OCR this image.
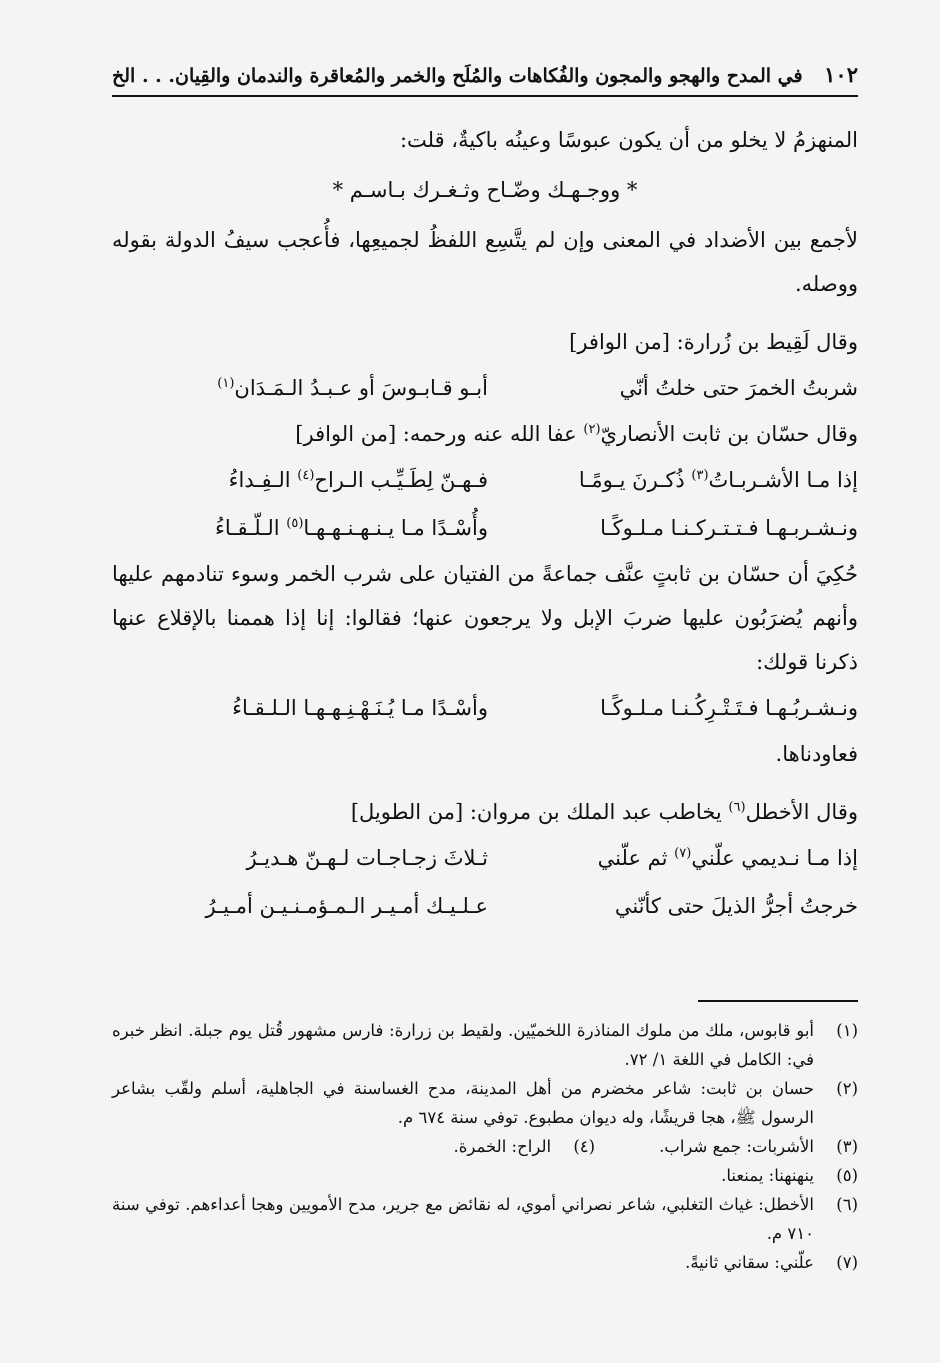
١٠٢
في المدح والهجو والمجون والفُكاهات والمُلَح والخمر والمُعاقرة والندمان والقِيان. . . الخ

المنهزمُ لا يخلو من أن يكون عبوسًا وعينُه باكيةٌ، قلت:

* ووجـهـك وضّـاح وثـغـرك بـاسـم *

لأجمع بين الأضداد في المعنى وإن لم يتَّسِع اللفظُ لجميعِها، فأُعجب سيفُ الدولة بقوله ووصله.

وقال لَقِيط بن زُرارة: [من الوافر]

شربتُ الخمرَ حتى خلتُ أنّي
أبـو قـابـوسَ أو عـبـدُ الـمَـدَان$^{(١)}$

وقال حسّان بن ثابت الأنصاريّ$^{(٢)}$ عفا الله عنه ورحمه: [من الوافر]

إذا مـا الأشـربـاتُ$^{(٣)}$ ذُكـرنَ يـومًـا
فـهـنّ لِطَـيِّـب الـراح$^{(٤)}$ الـفِـداءُ
ونـشـربـهـا فـتـتـركـنـا مـلـوكًـا
وأُسْـدًا مـا يـنـهـنـهـهـا$^{(٥)}$ الـلّـقـاءُ

حُكِيَ أن حسّان بن ثابتٍ عنَّف جماعةً من الفتيان على شرب الخمر وسوء تنادمهم عليها وأنهم يُضرَبُون عليها ضربَ الإبل ولا يرجعون عنها؛ فقالوا: إنا إذا هممنا بالإقلاع عنها ذكرنا قولك:

ونـشـربُـهـا فـتَـتْـرِكُـنـا مـلـوكًـا
وأسْـدًا مـا يُـنَـهْـنِـهـهـا الـلـقـاءُ

فعاودناها.

وقال الأخطل$^{(٦)}$ يخاطب عبد الملك بن مروان: [من الطويل]

إذا مـا نـديمي علّني$^{(٧)}$ ثم علّني
ثـلاثَ زجـاجـات لـهـنّ هـديـرُ
خرجتُ أجرُّ الذيلَ حتى كأنّني
عـلـيـك أمـيـر الـمـؤمـنـيـن أمـيـرُ
(١)
أبو قابوس، ملك من ملوك المناذرة اللخميّين. ولقيط بن زرارة: فارس مشهور قُتل يوم جبلة. انظر خبره في: الكامل في اللغة ١/ ٧٢.
(٢)
حسان بن ثابت: شاعر مخضرم من أهل المدينة، مدح الغساسنة في الجاهلية، أسلم ولقّب بشاعر الرسول ﷺ، هجا قريشًا، وله ديوان مطبوع. توفي سنة ٦٧٤ م.
(٣)
الأشربات: جمع شراب.
(٤)
الراح: الخمرة.
(٥)
ينهنهنا: يمنعنا.
(٦)
الأخطل: غياث التغلبي، شاعر نصراني أموي، له نقائض مع جرير، مدح الأمويين وهجا أعداءهم. توفي سنة ٧١٠ م.
(٧)
علّني: سقاني ثانيةً.
